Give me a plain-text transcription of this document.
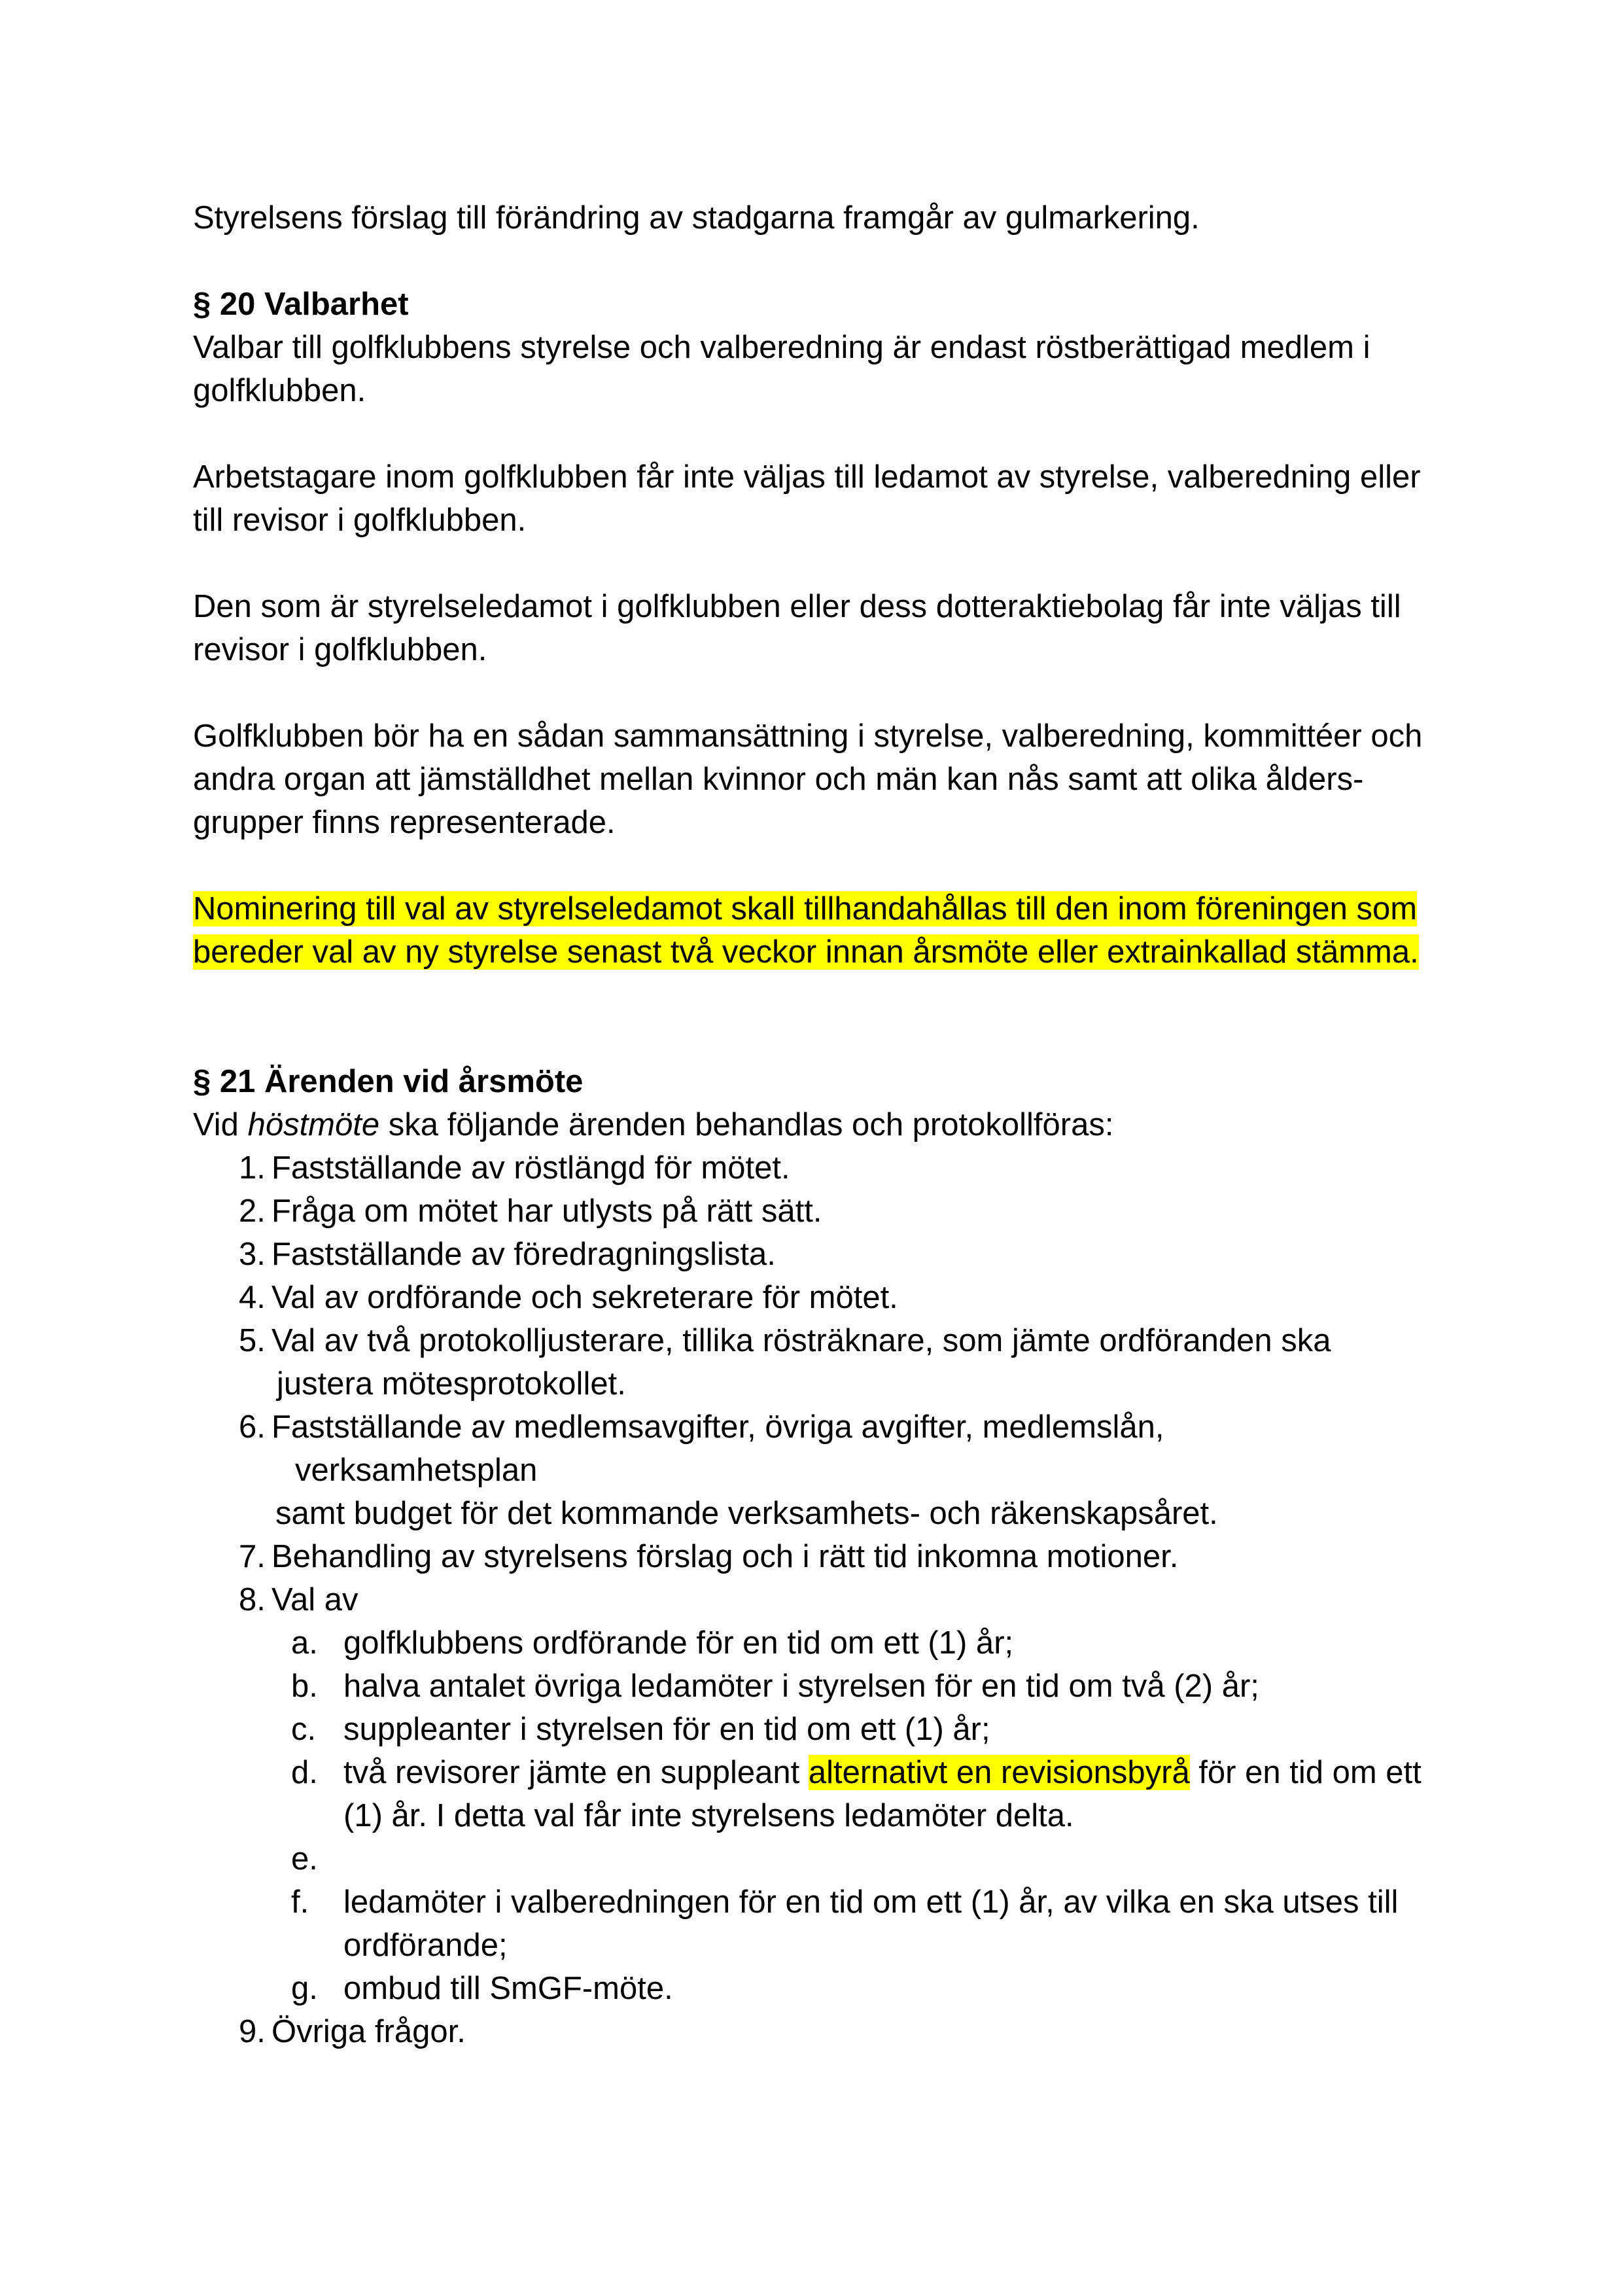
Styrelsens förslag till förändring av stadgarna framgår av gulmarkering.

§ 20 Valbarhet

Valbar till golfklubbens styrelse och valberedning är endast röstberättigad medlem i golfklubben.

Arbetstagare inom golfklubben får inte väljas till ledamot av styrelse, valberedning eller till revisor i golfklubben.

Den som är styrelseledamot i golfklubben eller dess dotteraktiebolag får inte väljas till revisor i golfklubben.

Golfklubben bör ha en sådan sammansättning i styrelse, valberedning, kommittéer och andra organ att jämställdhet mellan kvinnor och män kan nås samt att olika ålders-grupper finns representerade.

Nominering till val av styrelseledamot skall tillhandahållas till den inom föreningen som bereder val av ny styrelse senast två veckor innan årsmöte eller extrainkallad stämma.

§ 21 Ärenden vid årsmöte

Vid höstmöte ska följande ärenden behandlas och protokollföras:

1. Fastställande av röstlängd för mötet.
2. Fråga om mötet har utlysts på rätt sätt.
3. Fastställande av föredragningslista.
4. Val av ordförande och sekreterare för mötet.
5. Val av två protokolljusterare, tillika rösträknare, som jämte ordföranden ska
justera mötesprotokollet.
6. Fastställande av medlemsavgifter, övriga avgifter, medlemslån,
verksamhetsplan
samt budget för det kommande verksamhets- och räkenskapsåret.
7. Behandling av styrelsens förslag och i rätt tid inkomna motioner.
8. Val av
a. golfklubbens ordförande för en tid om ett (1) år;
b. halva antalet övriga ledamöter i styrelsen för en tid om två (2) år;
c. suppleanter i styrelsen för en tid om ett (1) år;
d. två revisorer jämte en suppleant alternativt en revisionsbyrå för en tid om ett (1) år. I detta val får inte styrelsens ledamöter delta.
e.

f. ledamöter i valberedningen för en tid om ett (1) år, av vilka en ska utses till ordförande;
g. ombud till SmGF-möte.
9. Övriga frågor.
